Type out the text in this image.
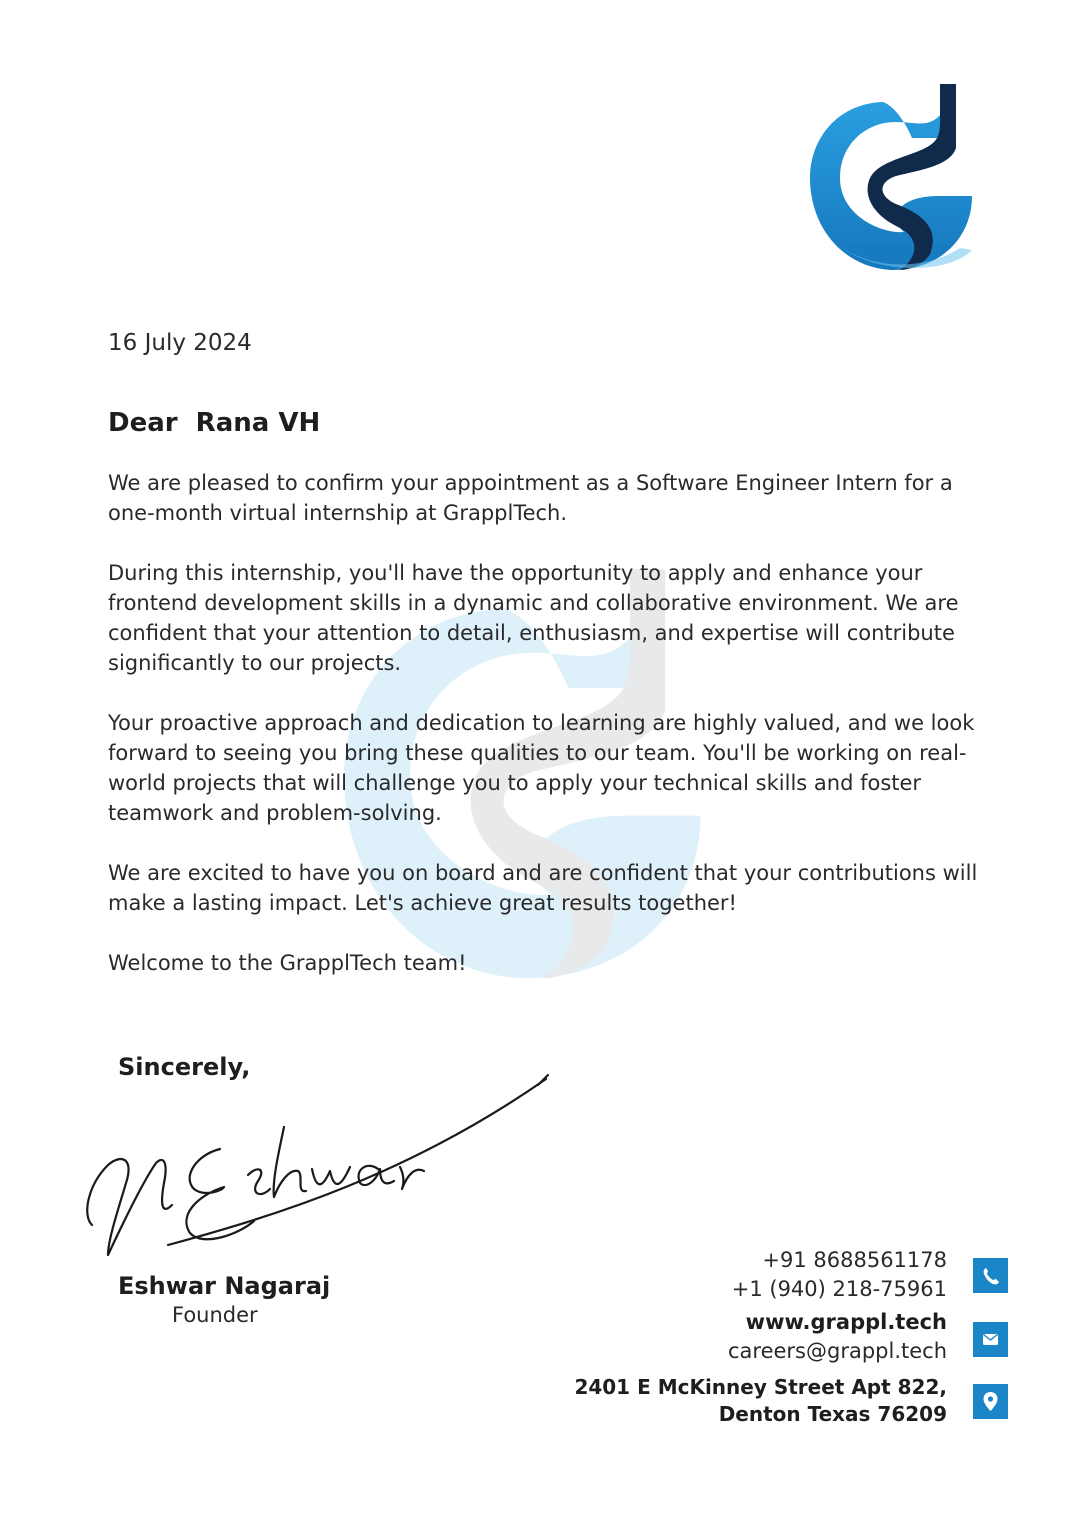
16 July 2024
Dear  Rana VH

We are pleased to confirm your appointment as a Software Engineer Intern for a one-month virtual internship at GrapplTech.

During this internship, you'll have the opportunity to apply and enhance your frontend development skills in a dynamic and collaborative environment. We are confident that your attention to detail, enthusiasm, and expertise will contribute significantly to our projects.

Your proactive approach and dedication to learning are highly valued, and we look forward to seeing you bring these qualities to our team. You'll be working on real-world projects that will challenge you to apply your technical skills and foster teamwork and problem-solving.

We are excited to have you on board and are confident that your contributions will make a lasting impact. Let's achieve great results together!

Welcome to the GrapplTech team!

Sincerely,
Eshwar Nagaraj
Founder
+91 8688561178
+1 (940) 218-75961
www.grappl.tech
careers@grappl.tech
2401 E McKinney Street Apt 822,
Denton Texas 76209
